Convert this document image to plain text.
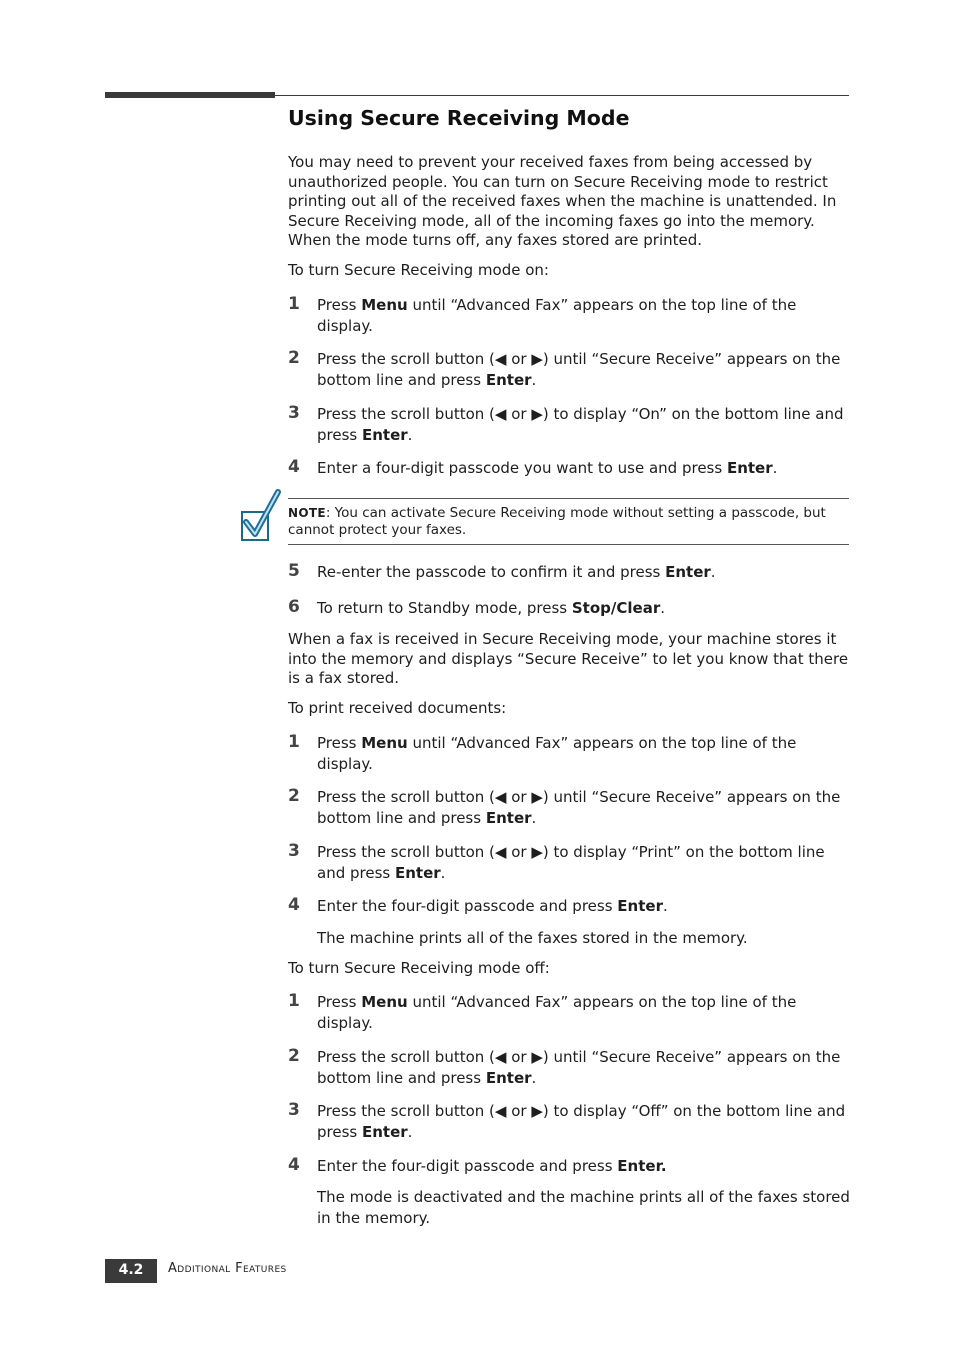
Using Secure Receiving Mode

You may need to prevent your received faxes from being accessed by unauthorized people. You can turn on Secure Receiving mode to restrict printing out all of the received faxes when the machine is unattended. In Secure Receiving mode, all of the incoming faxes go into the memory. When the mode turns off, any faxes stored are printed.

To turn Secure Receiving mode on:

1	Press Menu until “Advanced Fax” appears on the top line of the display.

2	Press the scroll button (◀ or ▶) until “Secure Receive” appears on the bottom line and press Enter.

3	Press the scroll button (◀ or ▶) to display “On” on the bottom line and press Enter.

4	Enter a four-digit passcode you want to use and press Enter.

NOTE: You can activate Secure Receiving mode without setting a passcode, but cannot protect your faxes.
5	Re-enter the passcode to confirm it and press Enter.

6	To return to Standby mode, press Stop/Clear.

When a fax is received in Secure Receiving mode, your machine stores it into the memory and displays “Secure Receive” to let you know that there is a fax stored.

To print received documents:

1	Press Menu until “Advanced Fax” appears on the top line of the display.

2	Press the scroll button (◀ or ▶) until “Secure Receive” appears on the bottom line and press Enter.

3	Press the scroll button (◀ or ▶) to display “Print” on the bottom line and press Enter.

4	Enter the four-digit passcode and press Enter.

The machine prints all of the faxes stored in the memory.

To turn Secure Receiving mode off:

1	Press Menu until “Advanced Fax” appears on the top line of the display.

2	Press the scroll button (◀ or ▶) until “Secure Receive” appears on the bottom line and press Enter.

3	Press the scroll button (◀ or ▶) to display “Off” on the bottom line and press Enter.

4	Enter the four-digit passcode and press Enter.

The mode is deactivated and the machine prints all of the faxes stored in the memory.

4.2	Additional Features
